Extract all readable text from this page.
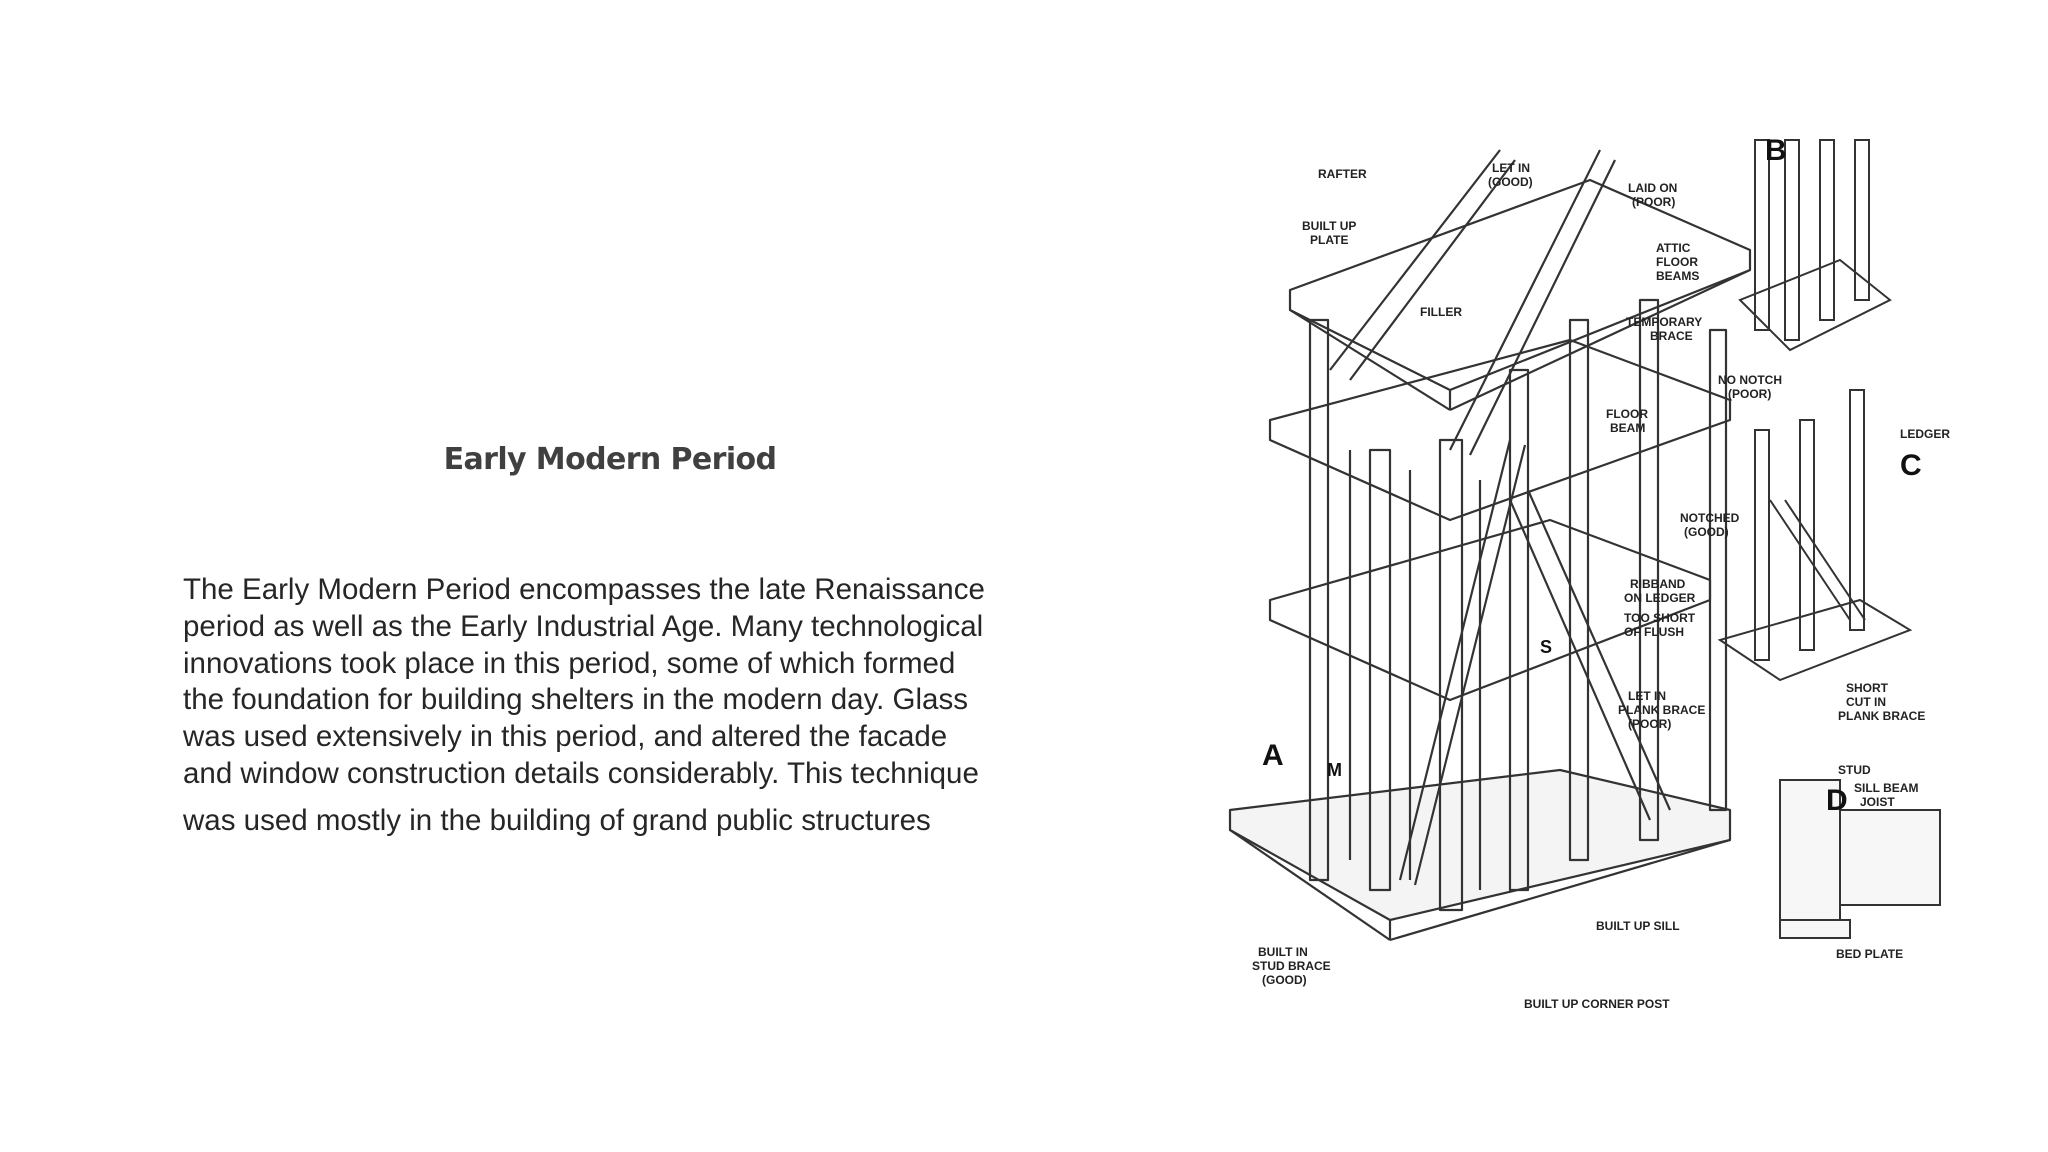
Early Modern Period
The Early Modern Period encompasses the late Renaissance
period as well as the Early Industrial Age. Many technological
innovations took place in this period, some of which formed
the foundation for building shelters in the modern day. Glass
was used extensively in this period, and altered the facade
and window construction details considerably. This technique
was used mostly in the building of grand public structures
A
B
C
D
M
S
RAFTER	LET IN
(GOOD)	LAID ON
(POOR)
BUILT UP
PLATE
ATTIC
FLOOR
BEAMS
FILLER
TEMPORARY
BRACE
NO NOTCH
(POOR)
FLOOR
BEAM	LEDGER
NOTCHED
(GOOD)
RIBBAND
ON LEDGER
TOO SHORT
OF FLUSH
LET IN
PLANK BRACE
(POOR)
SHORT
CUT IN
PLANK BRACE
STUD
SILL BEAM
JOIST
BED PLATE
BUILT UP SILL
BUILT IN
STUD BRACE
(GOOD)
BUILT UP CORNER POST
